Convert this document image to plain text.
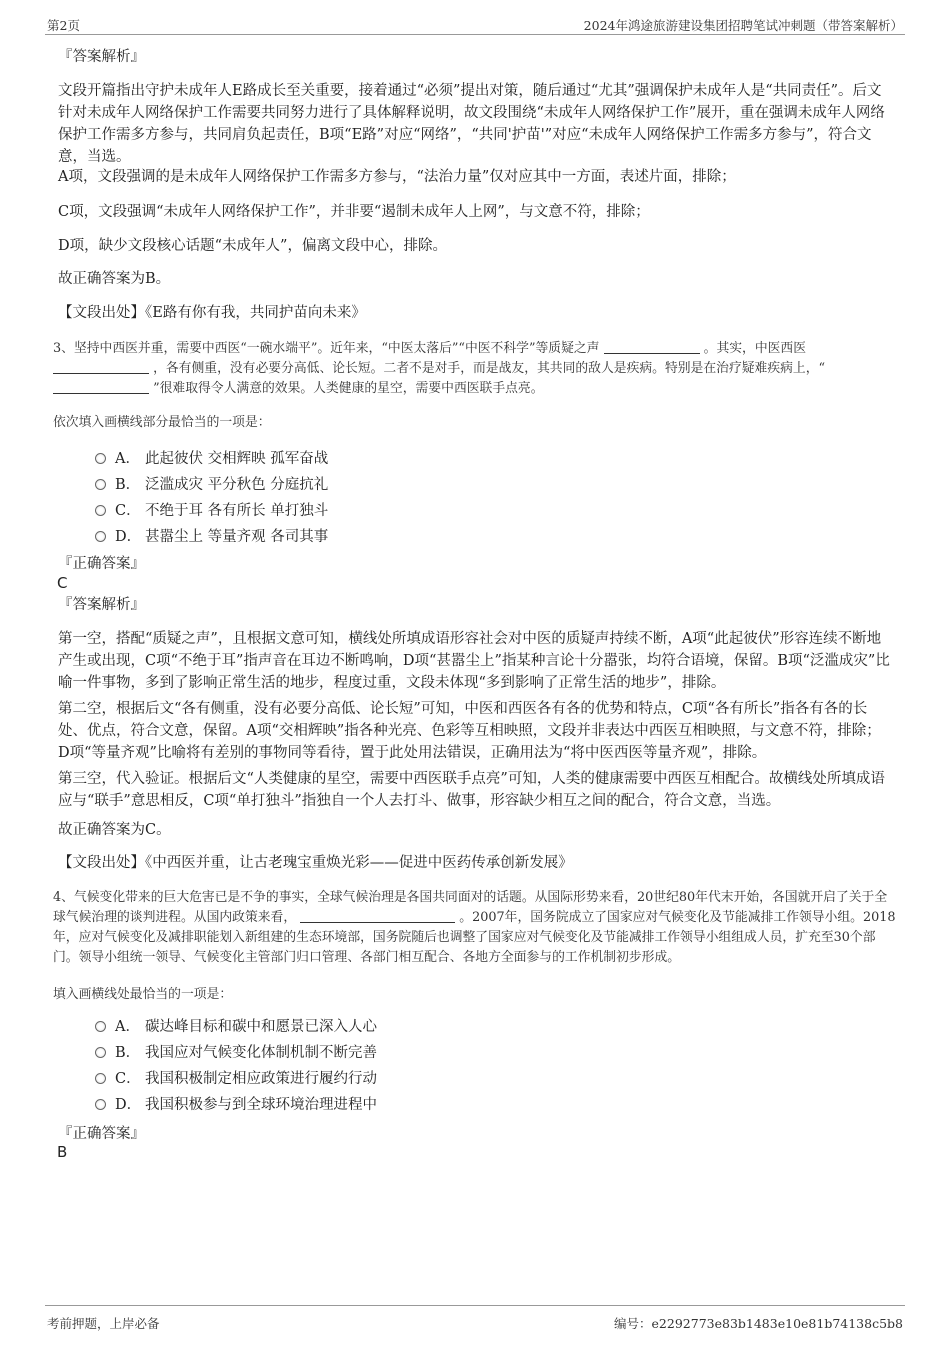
第2页	2024年鸿途旅游建设集团招聘笔试冲刺题（带答案解析）
『答案解析』
文段开篇指出守护未成年人E路成长至关重要，接着通过“必须”提出对策，随后通过“尤其”强调保护未成年人是“共同责任”。后文针对未成年人网络保护工作需要共同努力进行了具体解释说明，故文段围绕“未成年人网络保护工作”展开，重在强调未成年人网络保护工作需多方参与，共同肩负起责任，B项“E路”对应“网络”，“共同'护苗'”对应“未成年人网络保护工作需多方参与”，符合文意，当选。
A项，文段强调的是未成年人网络保护工作需多方参与，“法治力量”仅对应其中一方面，表述片面，排除；
C项，文段强调“未成年人网络保护工作”，并非要“遏制未成年人上网”，与文意不符，排除；
D项，缺少文段核心话题“未成年人”，偏离文段中心，排除。
故正确答案为B。
【文段出处】《E路有你有我，共同护苗向未来》
3、坚持中西医并重，需要中西医“一碗水端平”。近年来，“中医太落后”“中医不科学”等质疑之声	。其实，中医西医  ，各有侧重，没有必要分高低、论长短。二者不是对手，而是战友，其共同的敌人是疾病。特别是在治疗疑难疾病上，“  ”很难取得令人满意的效果。人类健康的星空，需要中西医联手点亮。
依次填入画横线部分最恰当的一项是：
A． 此起彼伏 交相辉映 孤军奋战
B． 泛滥成灾 平分秋色 分庭抗礼
C． 不绝于耳 各有所长 单打独斗
D． 甚嚣尘上 等量齐观 各司其事
『正确答案』
C
『答案解析』
第一空，搭配“质疑之声”，且根据文意可知，横线处所填成语形容社会对中医的质疑声持续不断，A项“此起彼伏”形容连续不断地产生或出现，C项“不绝于耳”指声音在耳边不断鸣响，D项“甚嚣尘上”指某种言论十分嚣张，均符合语境，保留。B项“泛滥成灾”比喻一件事物，多到了影响正常生活的地步，程度过重，文段未体现“多到影响了正常生活的地步”，排除。
第二空，根据后文“各有侧重，没有必要分高低、论长短”可知，中医和西医各有各的优势和特点，C项“各有所长”指各有各的长处、优点，符合文意，保留。A项“交相辉映”指各种光亮、色彩等互相映照，文段并非表达中西医互相映照，与文意不符，排除；D项“等量齐观”比喻将有差别的事物同等看待，置于此处用法错误，正确用法为“将中医西医等量齐观”，排除。
第三空，代入验证。根据后文“人类健康的星空，需要中西医联手点亮”可知，人类的健康需要中西医互相配合。故横线处所填成语应与“联手”意思相反，C项“单打独斗”指独自一个人去打斗、做事，形容缺少相互之间的配合，符合文意，当选。
故正确答案为C。
【文段出处】《中西医并重，让古老瑰宝重焕光彩——促进中医药传承创新发展》
4、气候变化带来的巨大危害已是不争的事实，全球气候治理是各国共同面对的话题。从国际形势来看，20世纪80年代末开始，各国就开启了关于全球气候治理的谈判进程。从国内政策来看，	。2007年，国务院成立了国家应对气候变化及节能减排工作领导小组。2018年，应对气候变化及减排职能划入新组建的生态环境部，国务院随后也调整了国家应对气候变化及节能减排工作领导小组组成人员，扩充至30个部门。领导小组统一领导、气候变化主管部门归口管理、各部门相互配合、各地方全面参与的工作机制初步形成。
填入画横线处最恰当的一项是：
A． 碳达峰目标和碳中和愿景已深入人心
B． 我国应对气候变化体制机制不断完善
C． 我国积极制定相应政策进行履约行动
D． 我国积极参与到全球环境治理进程中
『正确答案』
B
考前押题，上岸必备	编号：e2292773e83b1483e10e81b74138c5b8
